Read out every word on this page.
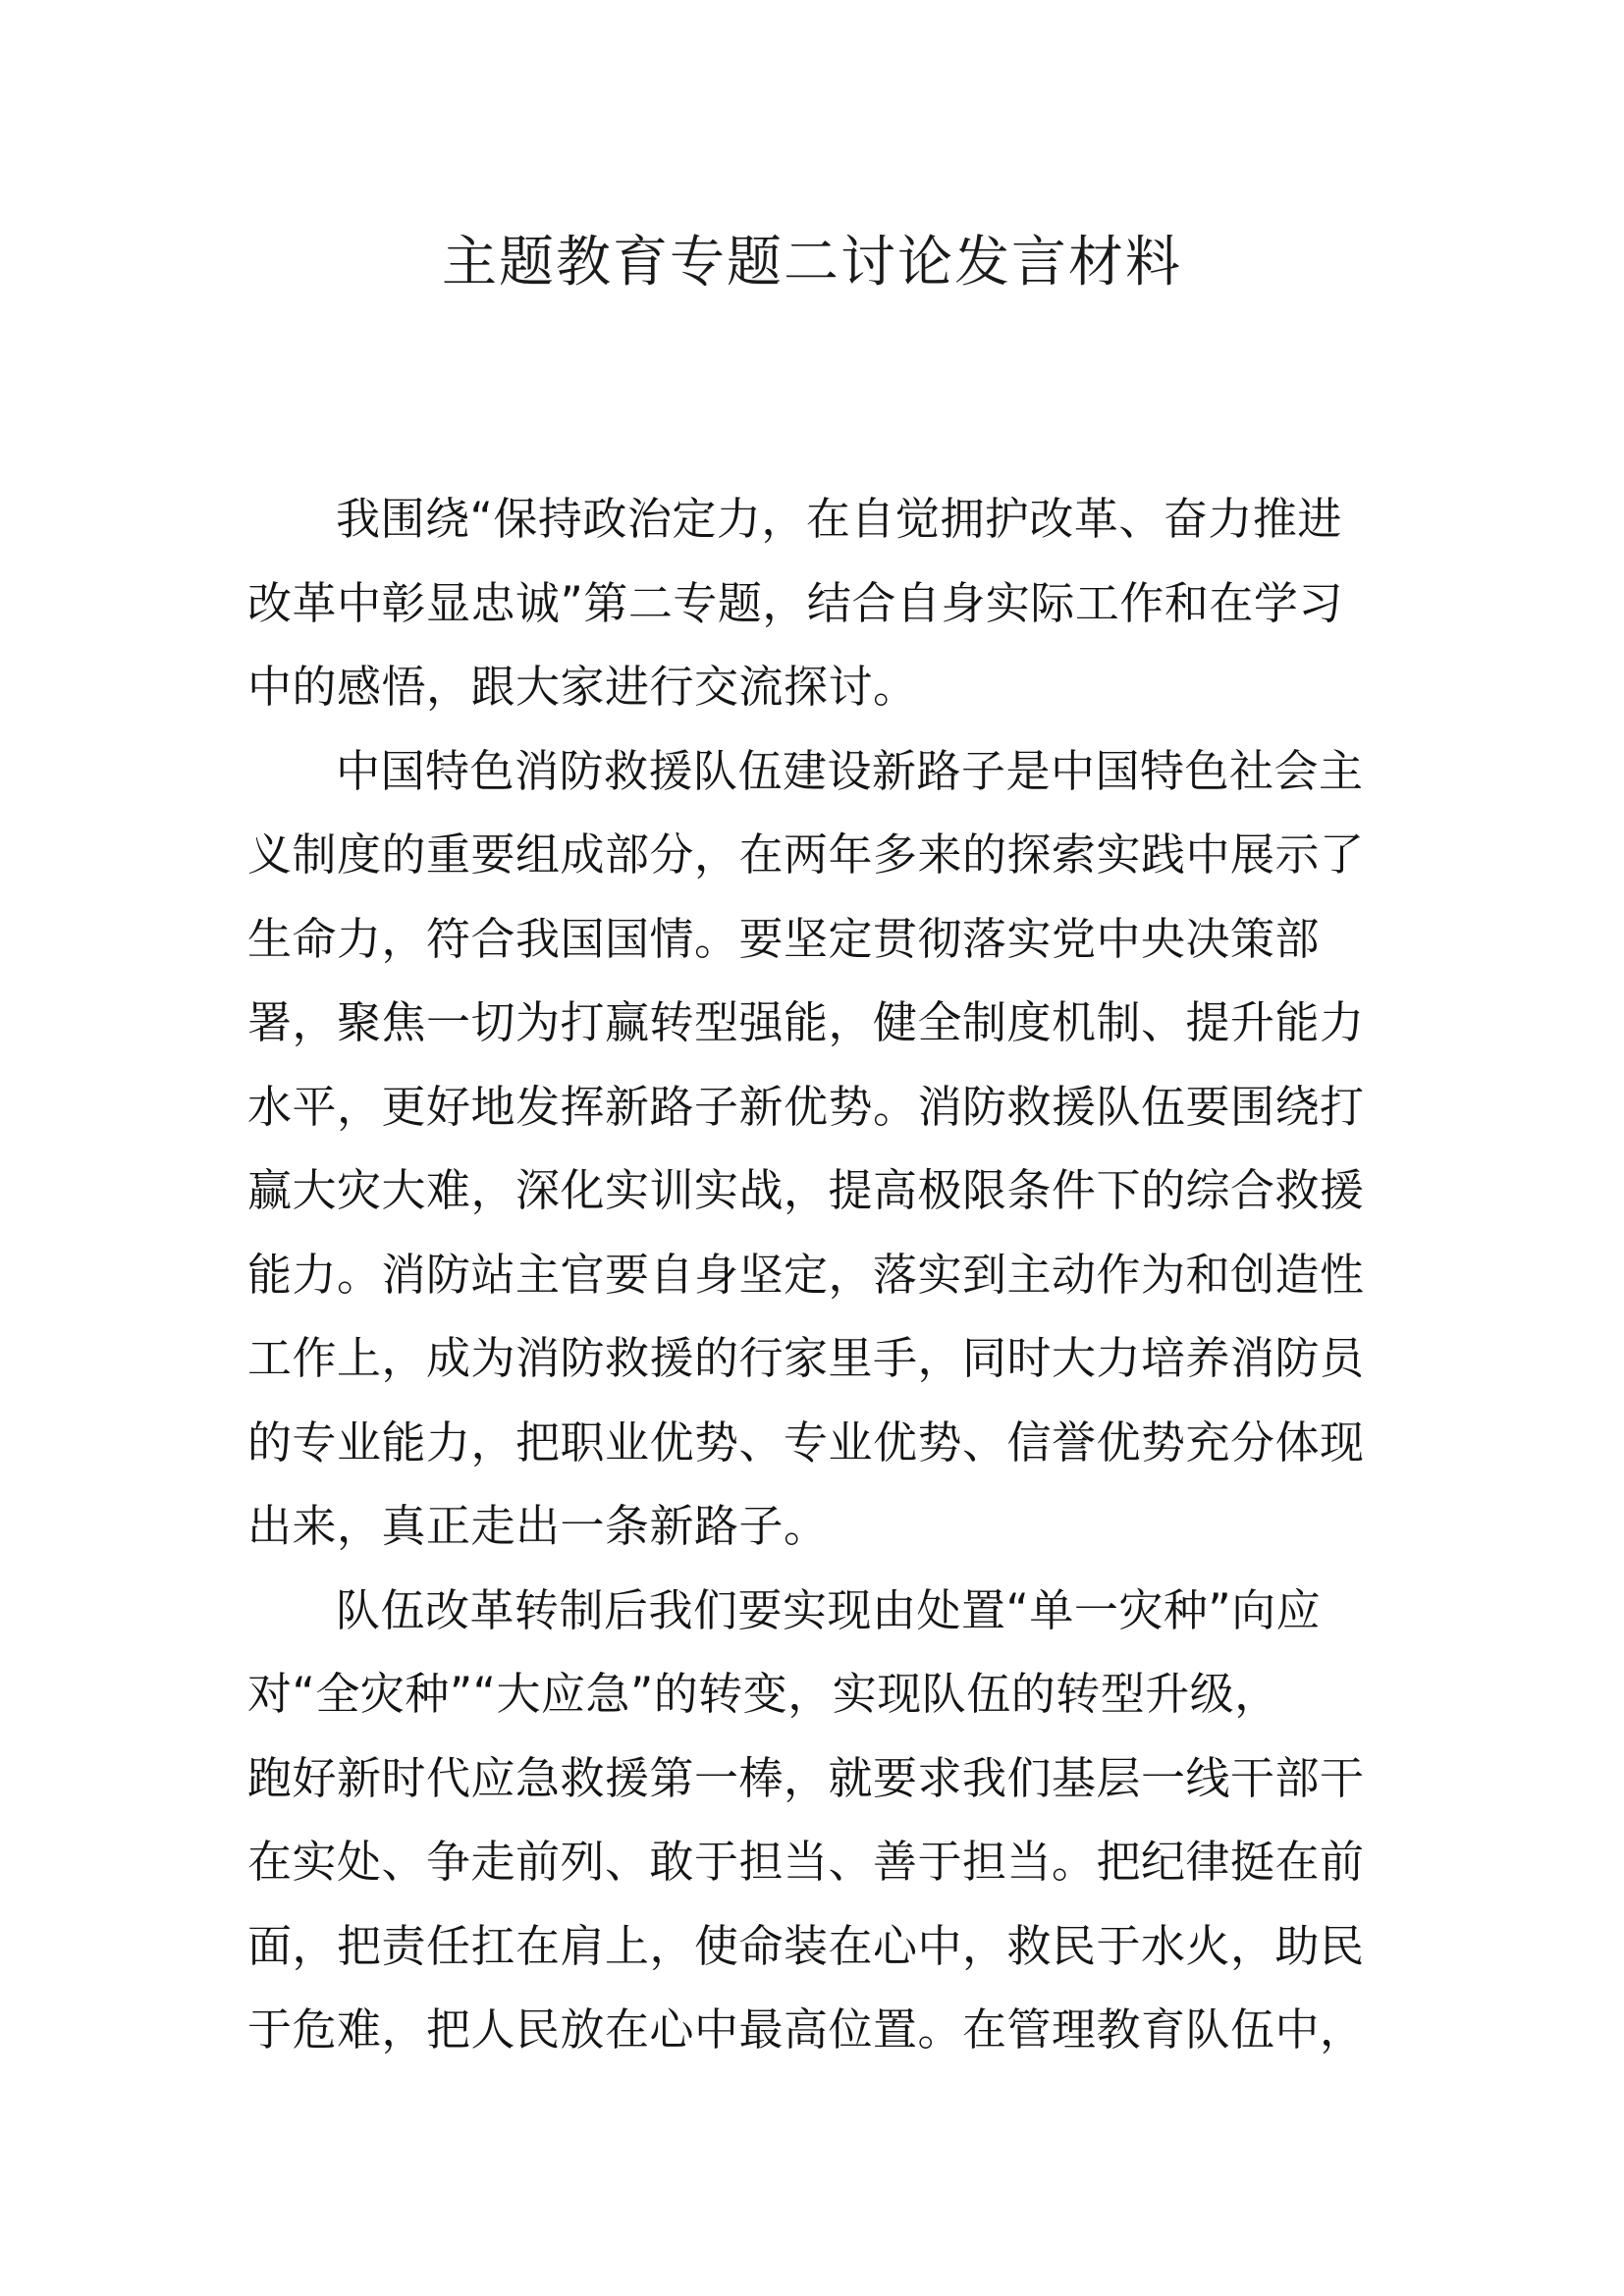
主题教育专题二讨论发言材料

我围绕“保持政治定力，在自觉拥护改革、奋力推进
改革中彰显忠诚”第二专题，结合自身实际工作和在学习
中的感悟，跟大家进行交流探讨。

中国特色消防救援队伍建设新路子是中国特色社会主
义制度的重要组成部分，在两年多来的探索实践中展示了
生命力，符合我国国情。要坚定贯彻落实党中央决策部
署，聚焦一切为打赢转型强能，健全制度机制、提升能力
水平，更好地发挥新路子新优势。消防救援队伍要围绕打
赢大灾大难，深化实训实战，提高极限条件下的综合救援
能力。消防站主官要自身坚定，落实到主动作为和创造性
工作上，成为消防救援的行家里手，同时大力培养消防员
的专业能力，把职业优势、专业优势、信誉优势充分体现
出来，真正走出一条新路子。

队伍改革转制后我们要实现由处置“单一灾种”向应
对“全灾种”“大应急”的转变，实现队伍的转型升级，
跑好新时代应急救援第一棒，就要求我们基层一线干部干
在实处、争走前列、敢于担当、善于担当。把纪律挺在前
面，把责任扛在肩上，使命装在心中，救民于水火，助民
于危难，把人民放在心中最高位置。在管理教育队伍中，
